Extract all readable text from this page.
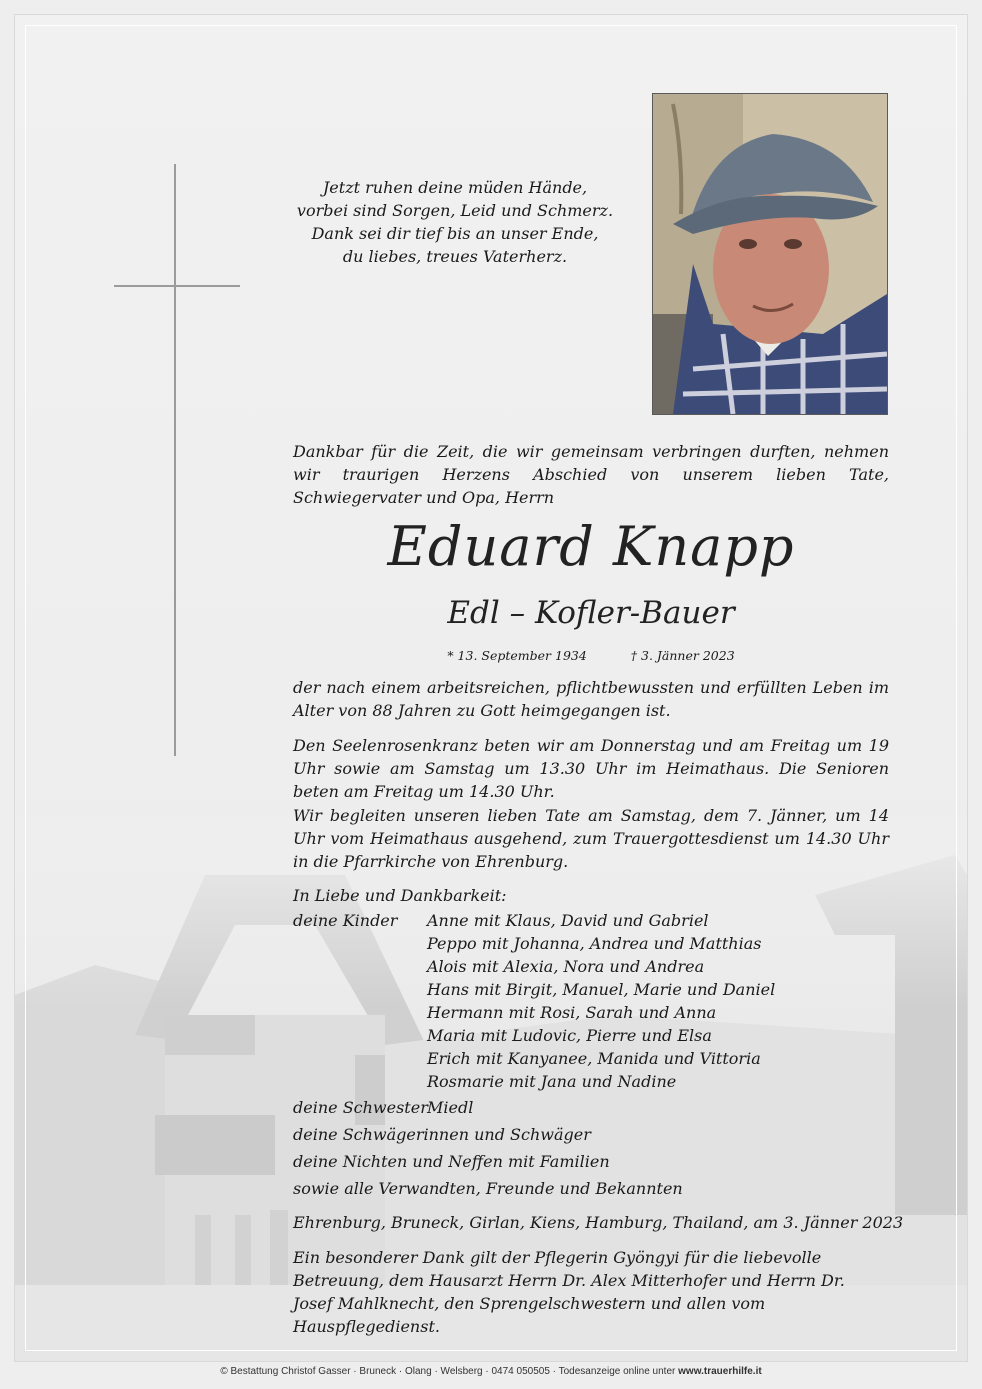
Jetzt ruhen deine müden Hände,
vorbei sind Sorgen, Leid und Schmerz.
Dank sei dir tief bis an unser Ende,
du liebes, treues Vaterherz.

Dankbar für die Zeit, die wir gemeinsam verbringen durften, nehmen wir traurigen Herzens Abschied von unserem lieben Tate, Schwiegervater und Opa, Herrn

Eduard Knapp
Edl – Kofler-Bauer
* 13. September 1934	† 3. Jänner 2023

der nach einem arbeitsreichen, pflichtbewussten und erfüllten Leben im Alter von 88 Jahren zu Gott heimgegangen ist.

Den Seelenrosenkranz beten wir am Donnerstag und am Freitag um 19 Uhr sowie am Samstag um 13.30 Uhr im Heimathaus. Die Senioren beten am Freitag um 14.30 Uhr.

Wir begleiten unseren lieben Tate am Samstag, dem 7. Jänner, um 14 Uhr vom Heimathaus ausgehend, zum Trauergottesdienst um 14.30 Uhr in die Pfarrkirche von Ehrenburg.

In Liebe und Dankbarkeit:

deine Kinder	Anne mit Klaus, David und Gabriel
Peppo mit Johanna, Andrea und Matthias
Alois mit Alexia, Nora und Andrea
Hans mit Birgit, Manuel, Marie und Daniel
Hermann mit Rosi, Sarah und Anna
Maria mit Ludovic, Pierre und Elsa
Erich mit Kanyanee, Manida und Vittoria
Rosmarie mit Jana und Nadine
deine Schwester Miedl
deine Schwägerinnen und Schwäger
deine Nichten und Neffen mit Familien
sowie alle Verwandten, Freunde und Bekannten

Ehrenburg, Bruneck, Girlan, Kiens, Hamburg, Thailand, am 3. Jänner 2023

Ein besonderer Dank gilt der Pflegerin Gyöngyi für die liebevolle Betreuung, dem Hausarzt Herrn Dr. Alex Mitterhofer und Herrn Dr. Josef Mahlknecht, den Sprengelschwestern und allen vom Hauspflegedienst.

© Bestattung Christof Gasser · Bruneck · Olang · Welsberg · 0474 050505 · Todesanzeige online unter www.trauerhilfe.it
